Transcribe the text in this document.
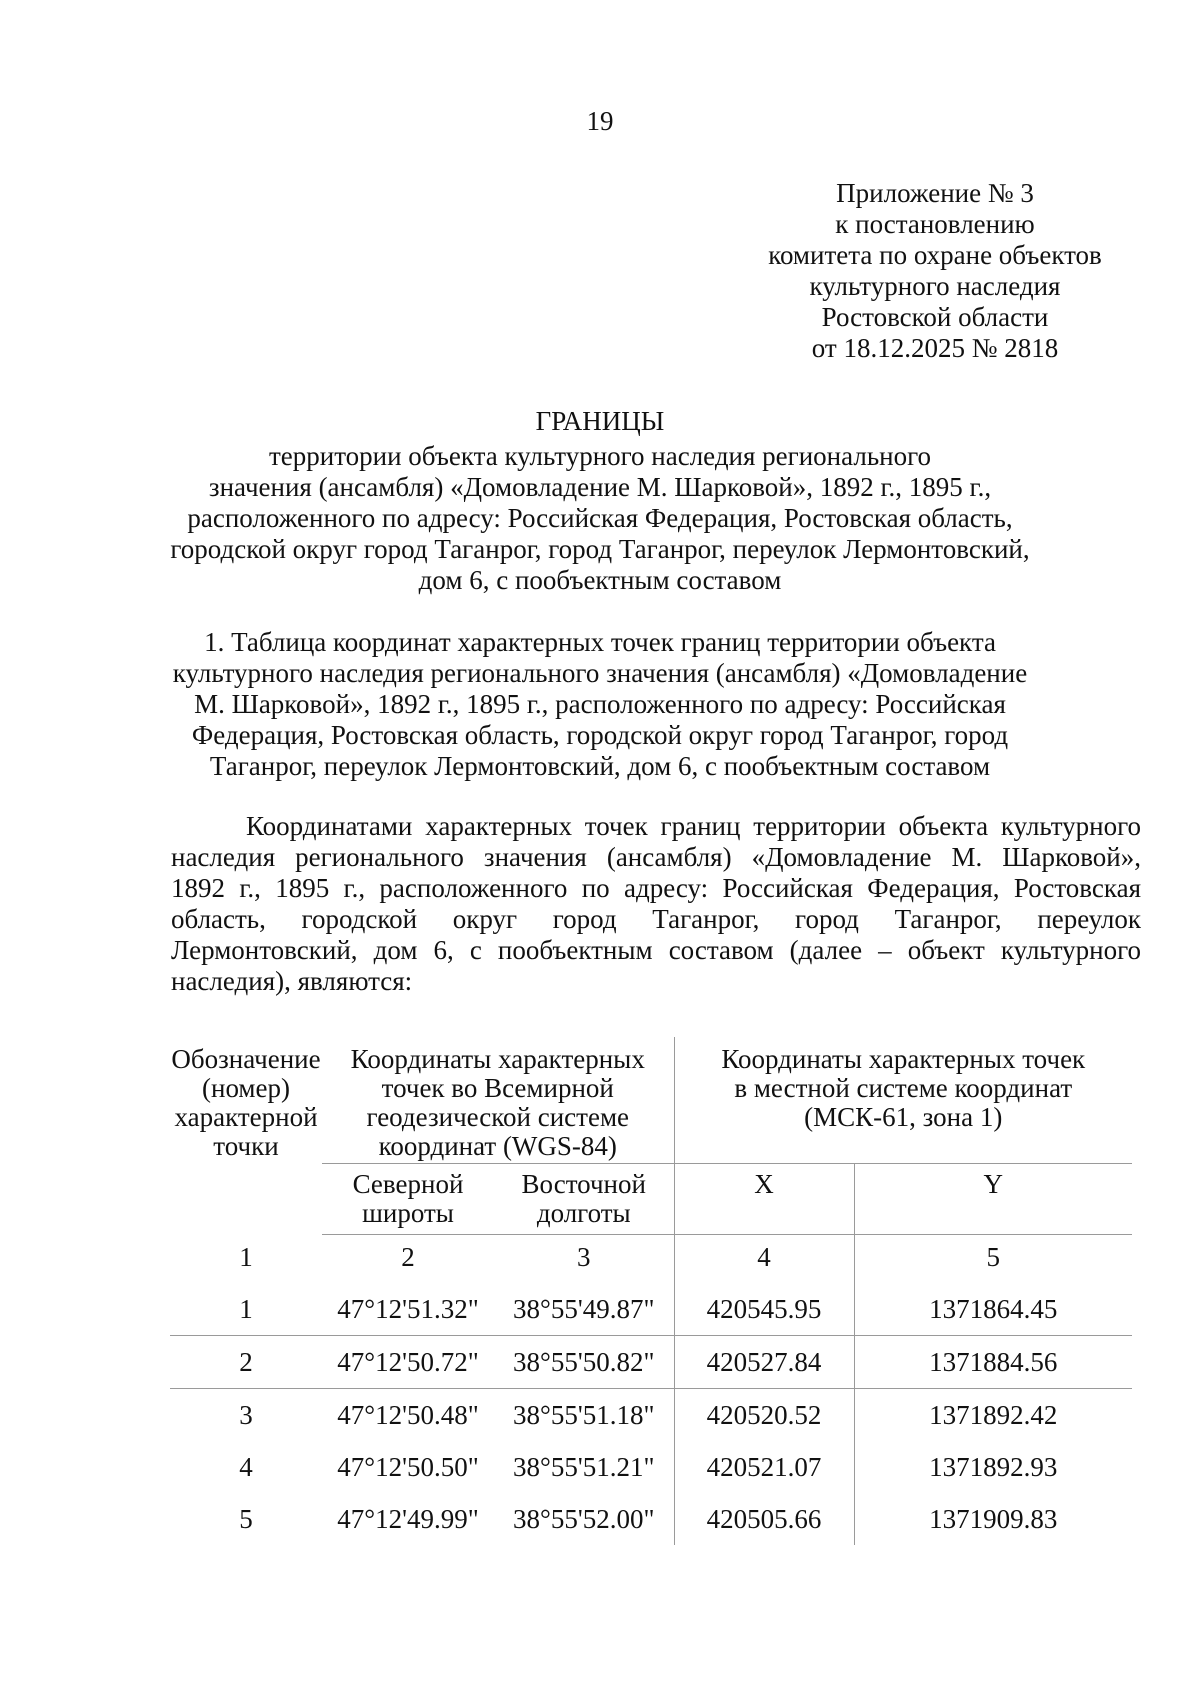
19
Приложение № 3
к постановлению
комитета по охране объектов
культурного наследия
Ростовской области
от 18.12.2025 № 2818
ГРАНИЦЫ
территории объекта культурного наследия регионального
значения (ансамбля) «Домовладение М. Шарковой», 1892 г., 1895 г.,
расположенного по адресу: Российская Федерация, Ростовская область,
городской округ город Таганрог, город Таганрог, переулок Лермонтовский,
дом 6, с пообъектным составом
1. Таблица координат характерных точек границ территории объекта
культурного наследия регионального значения (ансамбля) «Домовладение
М. Шарковой», 1892 г., 1895 г., расположенного по адресу: Российская
Федерация, Ростовская область, городской округ город Таганрог, город
Таганрог, переулок Лермонтовский, дом 6, с пообъектным составом
Координатами характерных точек границ территории объекта культурного
наследия регионального значения (ансамбля) «Домовладение М. Шарковой»,
1892 г., 1895 г., расположенного по адресу: Российская Федерация, Ростовская
область, городской округ город Таганрог, город Таганрог, переулок
Лермонтовский, дом 6, с пообъектным составом (далее – объект культурного
наследия), являются:
Обозначение
(номер)
характерной
точки	Координаты характерных
точек во Всемирной
геодезической системе
координат (WGS-84)		Координаты характерных точек
в местной системе координат
(МСК-61, зона 1)	

	Северной
широты	Восточной
долготы	X	Y
1	2	3	4	5
1	47°12'51.32"	38°55'49.87"	420545.95	1371864.45
2	47°12'50.72"	38°55'50.82"	420527.84	1371884.56
3	47°12'50.48"	38°55'51.18"	420520.52	1371892.42
4	47°12'50.50"	38°55'51.21"	420521.07	1371892.93
5	47°12'49.99"	38°55'52.00"	420505.66	1371909.83
